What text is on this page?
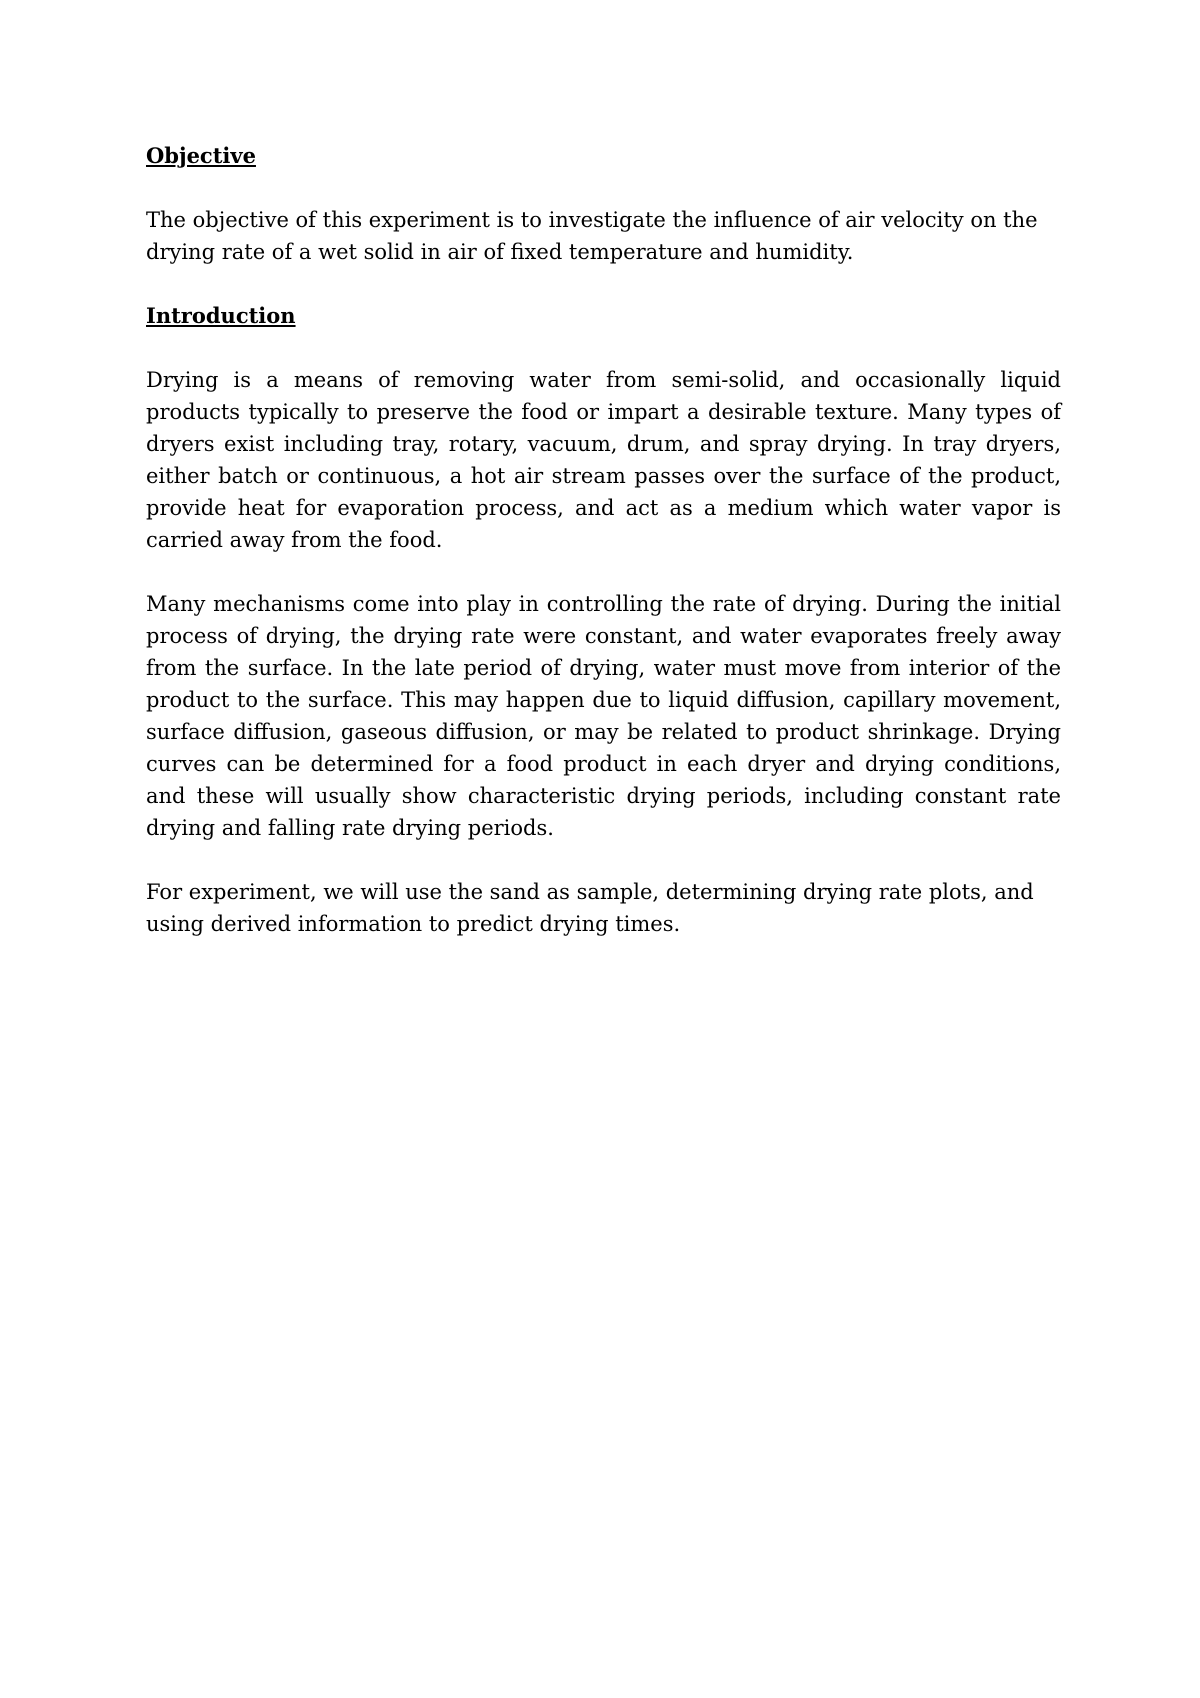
Objective

The objective of this experiment is to investigate the influence of air velocity on the drying rate of a wet solid in air of fixed temperature and humidity.

Introduction

Drying is a means of removing water from semi-solid, and occasionally liquid products typically to preserve the food or impart a desirable texture. Many types of dryers exist including tray, rotary, vacuum, drum, and spray drying. In tray dryers, either batch or continuous, a hot air stream passes over the surface of the product, provide heat for evaporation process, and act as a medium which water vapor is carried away from the food.

Many mechanisms come into play in controlling the rate of drying. During the initial process of drying, the drying rate were constant, and water evaporates freely away from the surface. In the late period of drying, water must move from interior of the product to the surface. This may happen due to liquid diffusion, capillary movement, surface diffusion, gaseous diffusion, or may be related to product shrinkage. Drying curves can be determined for a food product in each dryer and drying conditions, and these will usually show characteristic drying periods, including constant rate drying and falling rate drying periods.

For experiment, we will use the sand as sample, determining drying rate plots, and using derived information to predict drying times.
